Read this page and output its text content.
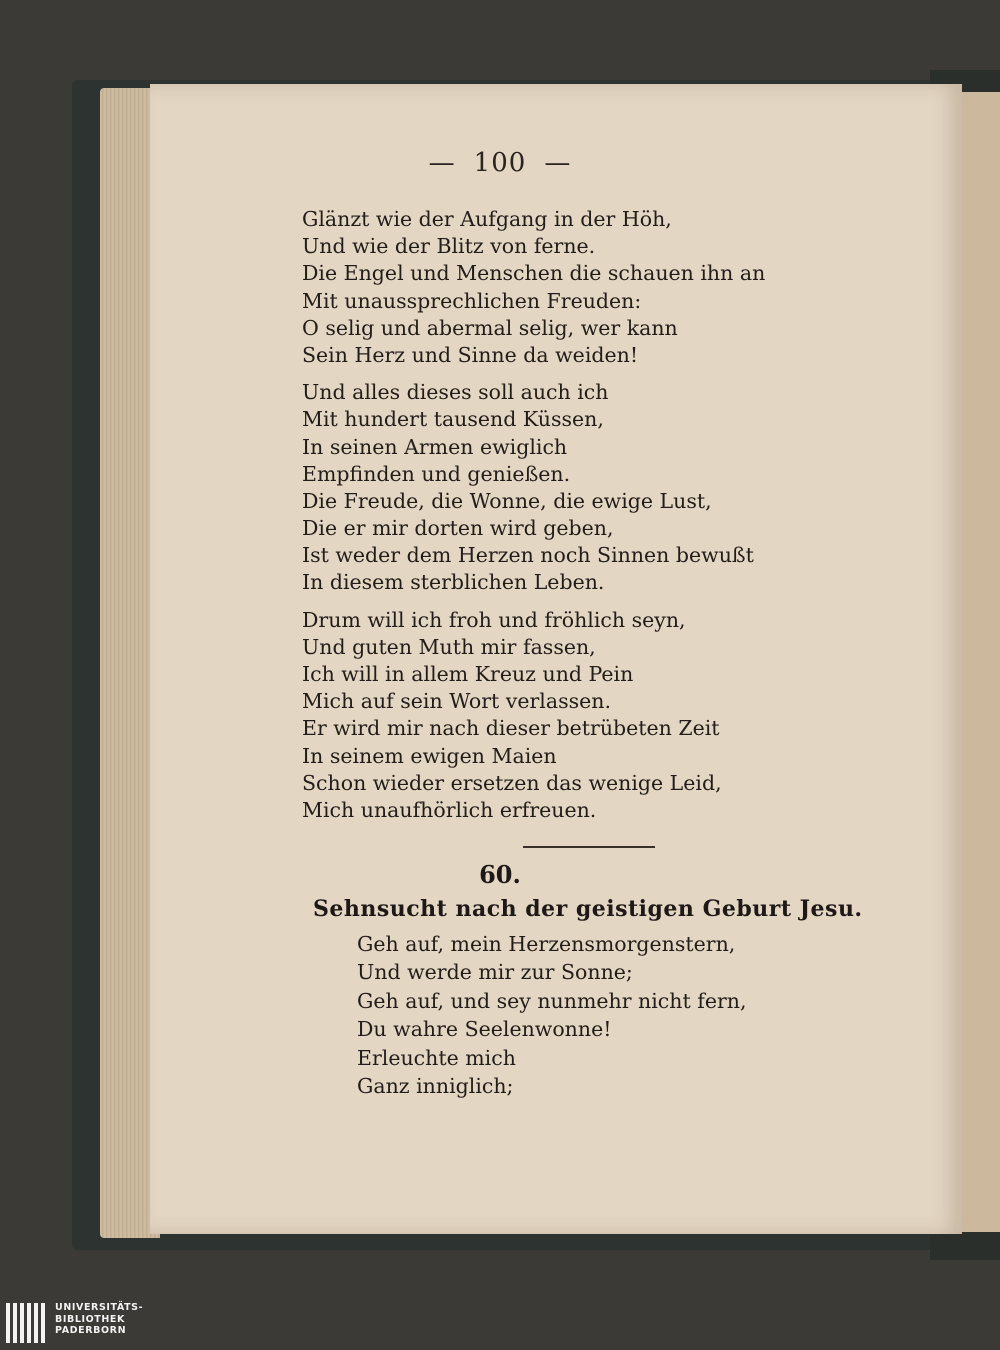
— 100 —
Glänzt wie der Aufgang in der Höh,
Und wie der Blitz von ferne.
Die Engel und Menschen die schauen ihn an
Mit unaussprechlichen Freuden:
O selig und abermal selig, wer kann
Sein Herz und Sinne da weiden!
Und alles dieses soll auch ich
Mit hundert tausend Küssen,
In seinen Armen ewiglich
Empfinden und genießen.
Die Freude, die Wonne, die ewige Lust,
Die er mir dorten wird geben,
Ist weder dem Herzen noch Sinnen bewußt
In diesem sterblichen Leben.
Drum will ich froh und fröhlich seyn,
Und guten Muth mir fassen,
Ich will in allem Kreuz und Pein
Mich auf sein Wort verlassen.
Er wird mir nach dieser betrübeten Zeit
In seinem ewigen Maien
Schon wieder ersetzen das wenige Leid,
Mich unaufhörlich erfreuen.
60.
Sehnsucht nach der geistigen Geburt Jesu.
Geh auf, mein Herzensmorgenstern,
Und werde mir zur Sonne;
Geh auf, und sey nunmehr nicht fern,
Du wahre Seelenwonne!
Erleuchte mich
Ganz inniglich;
UNIVERSITÄTS-
BIBLIOTHEK
PADERBORN
